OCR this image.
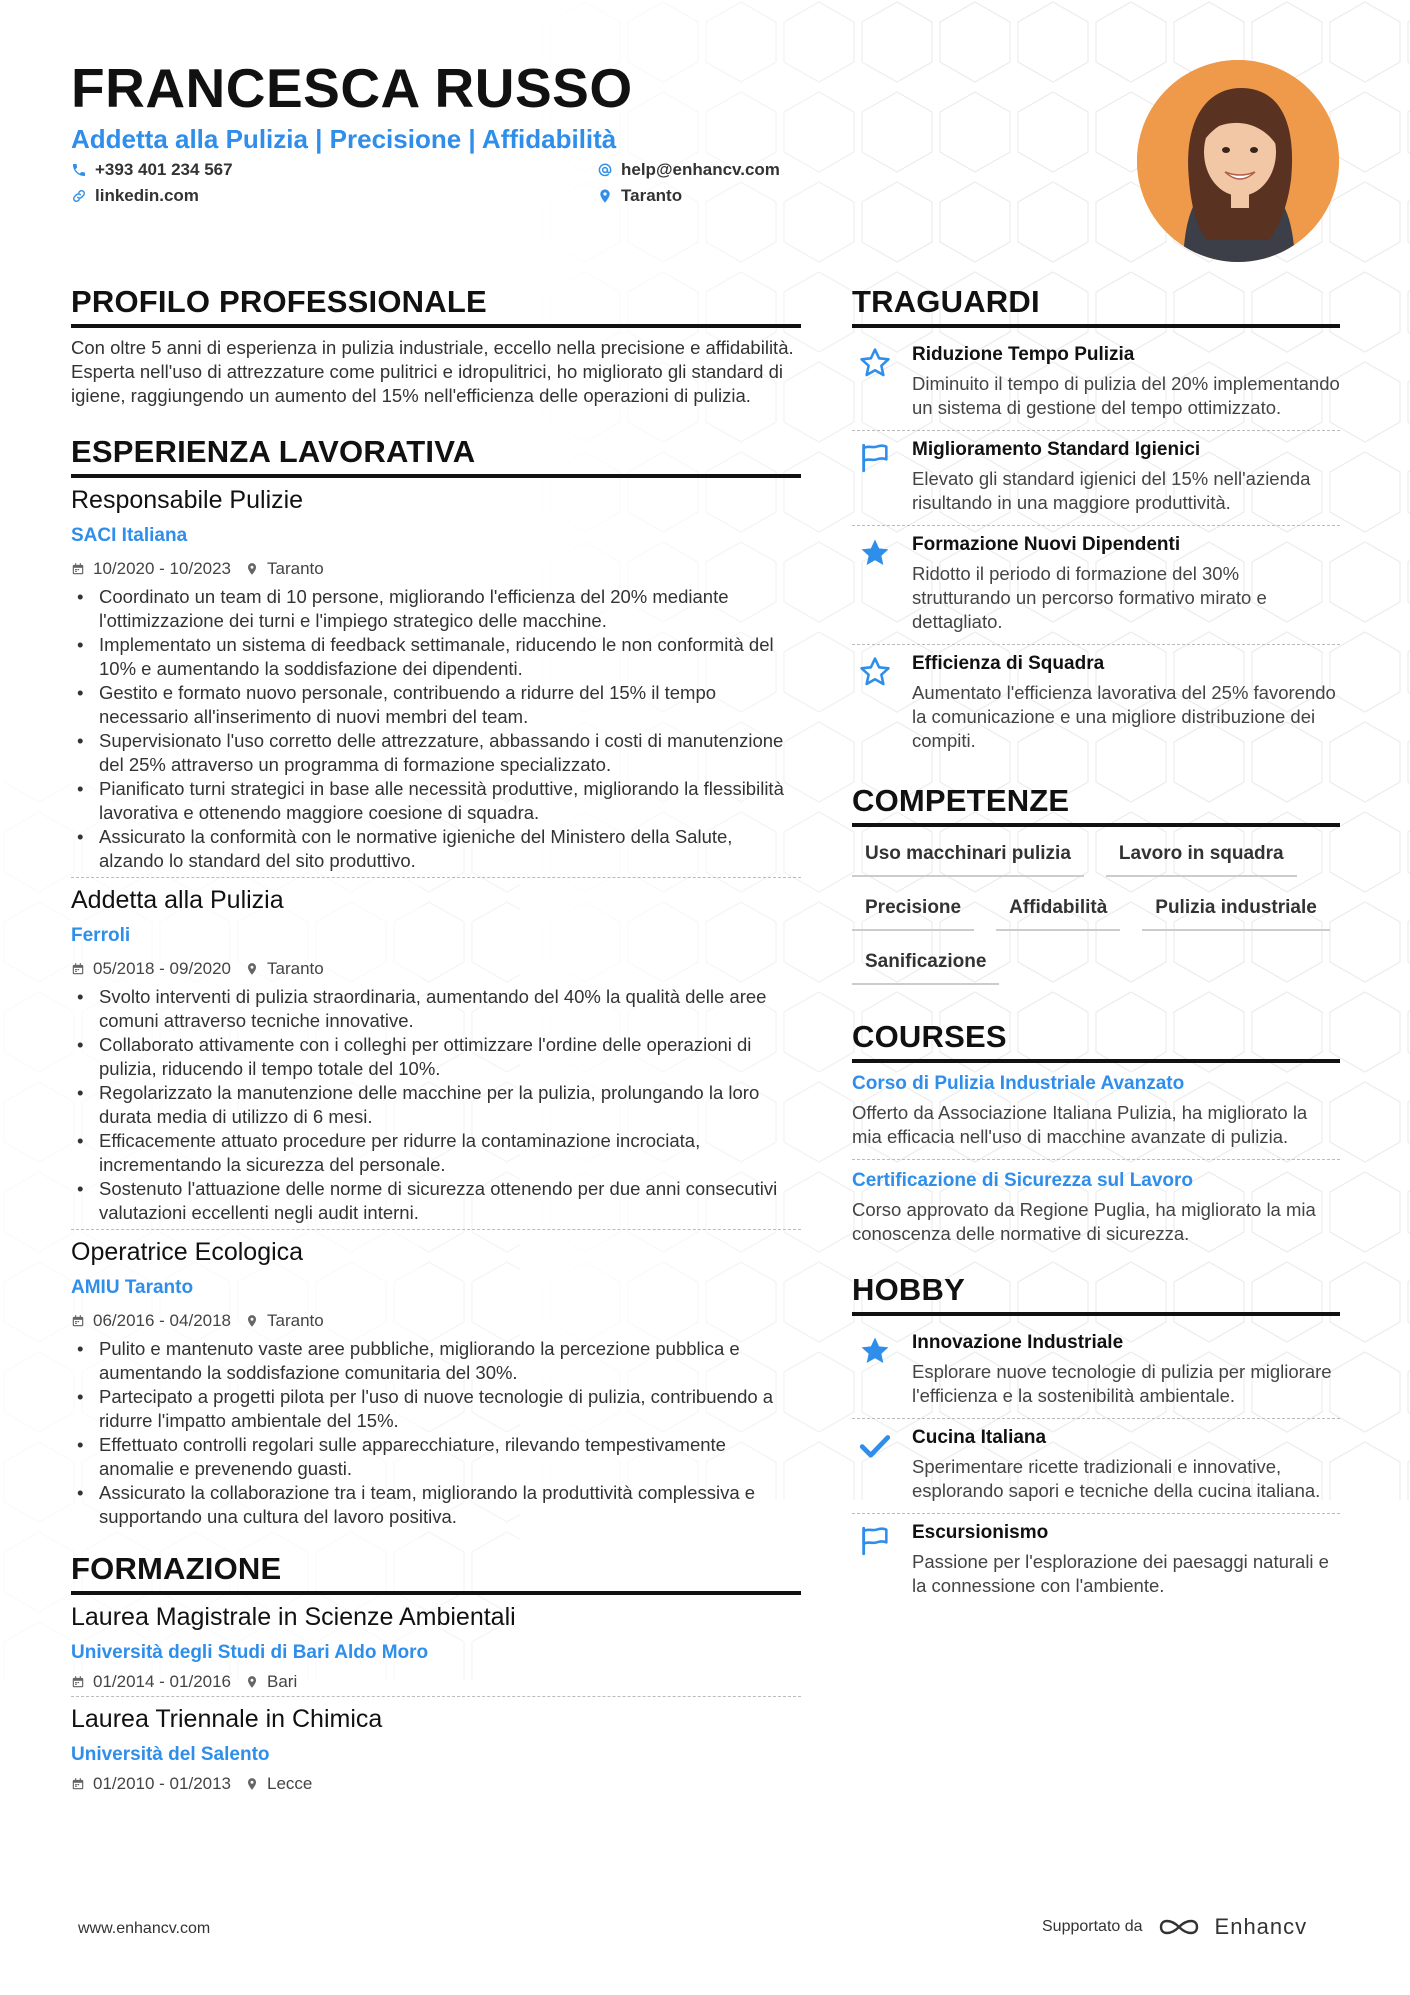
FRANCESCA RUSSO
Addetta alla Pulizia | Precisione | Affidabilità
+393 401 234 567
linkedin.com
help@enhancv.com
Taranto
PROFILO PROFESSIONALE
Con oltre 5 anni di esperienza in pulizia industriale, eccello nella precisione e affidabilità. Esperta nell'uso di attrezzature come pulitrici e idropulitrici, ho migliorato gli standard di igiene, raggiungendo un aumento del 15% nell'efficienza delle operazioni di pulizia.
ESPERIENZA LAVORATIVA
Responsabile Pulizie
SACI Italiana
10/2020 - 10/2023 Taranto
• Coordinato un team di 10 persone, migliorando l'efficienza del 20% mediante l'ottimizzazione dei turni e l'impiego strategico delle macchine.
• Implementato un sistema di feedback settimanale, riducendo le non conformità del 10% e aumentando la soddisfazione dei dipendenti.
• Gestito e formato nuovo personale, contribuendo a ridurre del 15% il tempo necessario all'inserimento di nuovi membri del team.
• Supervisionato l'uso corretto delle attrezzature, abbassando i costi di manutenzione del 25% attraverso un programma di formazione specializzato.
• Pianificato turni strategici in base alle necessità produttive, migliorando la flessibilità lavorativa e ottenendo maggiore coesione di squadra.
• Assicurato la conformità con le normative igieniche del Ministero della Salute, alzando lo standard del sito produttivo.
Addetta alla Pulizia
Ferroli
05/2018 - 09/2020 Taranto
• Svolto interventi di pulizia straordinaria, aumentando del 40% la qualità delle aree comuni attraverso tecniche innovative.
• Collaborato attivamente con i colleghi per ottimizzare l'ordine delle operazioni di pulizia, riducendo il tempo totale del 10%.
• Regolarizzato la manutenzione delle macchine per la pulizia, prolungando la loro durata media di utilizzo di 6 mesi.
• Efficacemente attuato procedure per ridurre la contaminazione incrociata, incrementando la sicurezza del personale.
• Sostenuto l'attuazione delle norme di sicurezza ottenendo per due anni consecutivi valutazioni eccellenti negli audit interni.
Operatrice Ecologica
AMIU Taranto
06/2016 - 04/2018 Taranto
• Pulito e mantenuto vaste aree pubbliche, migliorando la percezione pubblica e aumentando la soddisfazione comunitaria del 30%.
• Partecipato a progetti pilota per l'uso di nuove tecnologie di pulizia, contribuendo a ridurre l'impatto ambientale del 15%.
• Effettuato controlli regolari sulle apparecchiature, rilevando tempestivamente anomalie e prevenendo guasti.
• Assicurato la collaborazione tra i team, migliorando la produttività complessiva e supportando una cultura del lavoro positiva.
FORMAZIONE
Laurea Magistrale in Scienze Ambientali
Università degli Studi di Bari Aldo Moro
01/2014 - 01/2016 Bari
Laurea Triennale in Chimica
Università del Salento
01/2010 - 01/2013 Lecce
TRAGUARDI
Riduzione Tempo Pulizia
Diminuito il tempo di pulizia del 20% implementando un sistema di gestione del tempo ottimizzato.
Miglioramento Standard Igienici
Elevato gli standard igienici del 15% nell'azienda risultando in una maggiore produttività.
Formazione Nuovi Dipendenti
Ridotto il periodo di formazione del 30% strutturando un percorso formativo mirato e dettagliato.
Efficienza di Squadra
Aumentato l'efficienza lavorativa del 25% favorendo la comunicazione e una migliore distribuzione dei compiti.
COMPETENZE
Uso macchinari pulizia	Lavoro in squadra
Precisione	Affidabilità	Pulizia industriale
Sanificazione
COURSES
Corso di Pulizia Industriale Avanzato
Offerto da Associazione Italiana Pulizia, ha migliorato la mia efficacia nell'uso di macchine avanzate di pulizia.
Certificazione di Sicurezza sul Lavoro
Corso approvato da Regione Puglia, ha migliorato la mia conoscenza delle normative di sicurezza.
HOBBY
Innovazione Industriale
Esplorare nuove tecnologie di pulizia per migliorare l'efficienza e la sostenibilità ambientale.
Cucina Italiana
Sperimentare ricette tradizionali e innovative, esplorando sapori e tecniche della cucina italiana.
Escursionismo
Passione per l'esplorazione dei paesaggi naturali e la connessione con l'ambiente.
www.enhancv.com	Supportato da	Enhancv
